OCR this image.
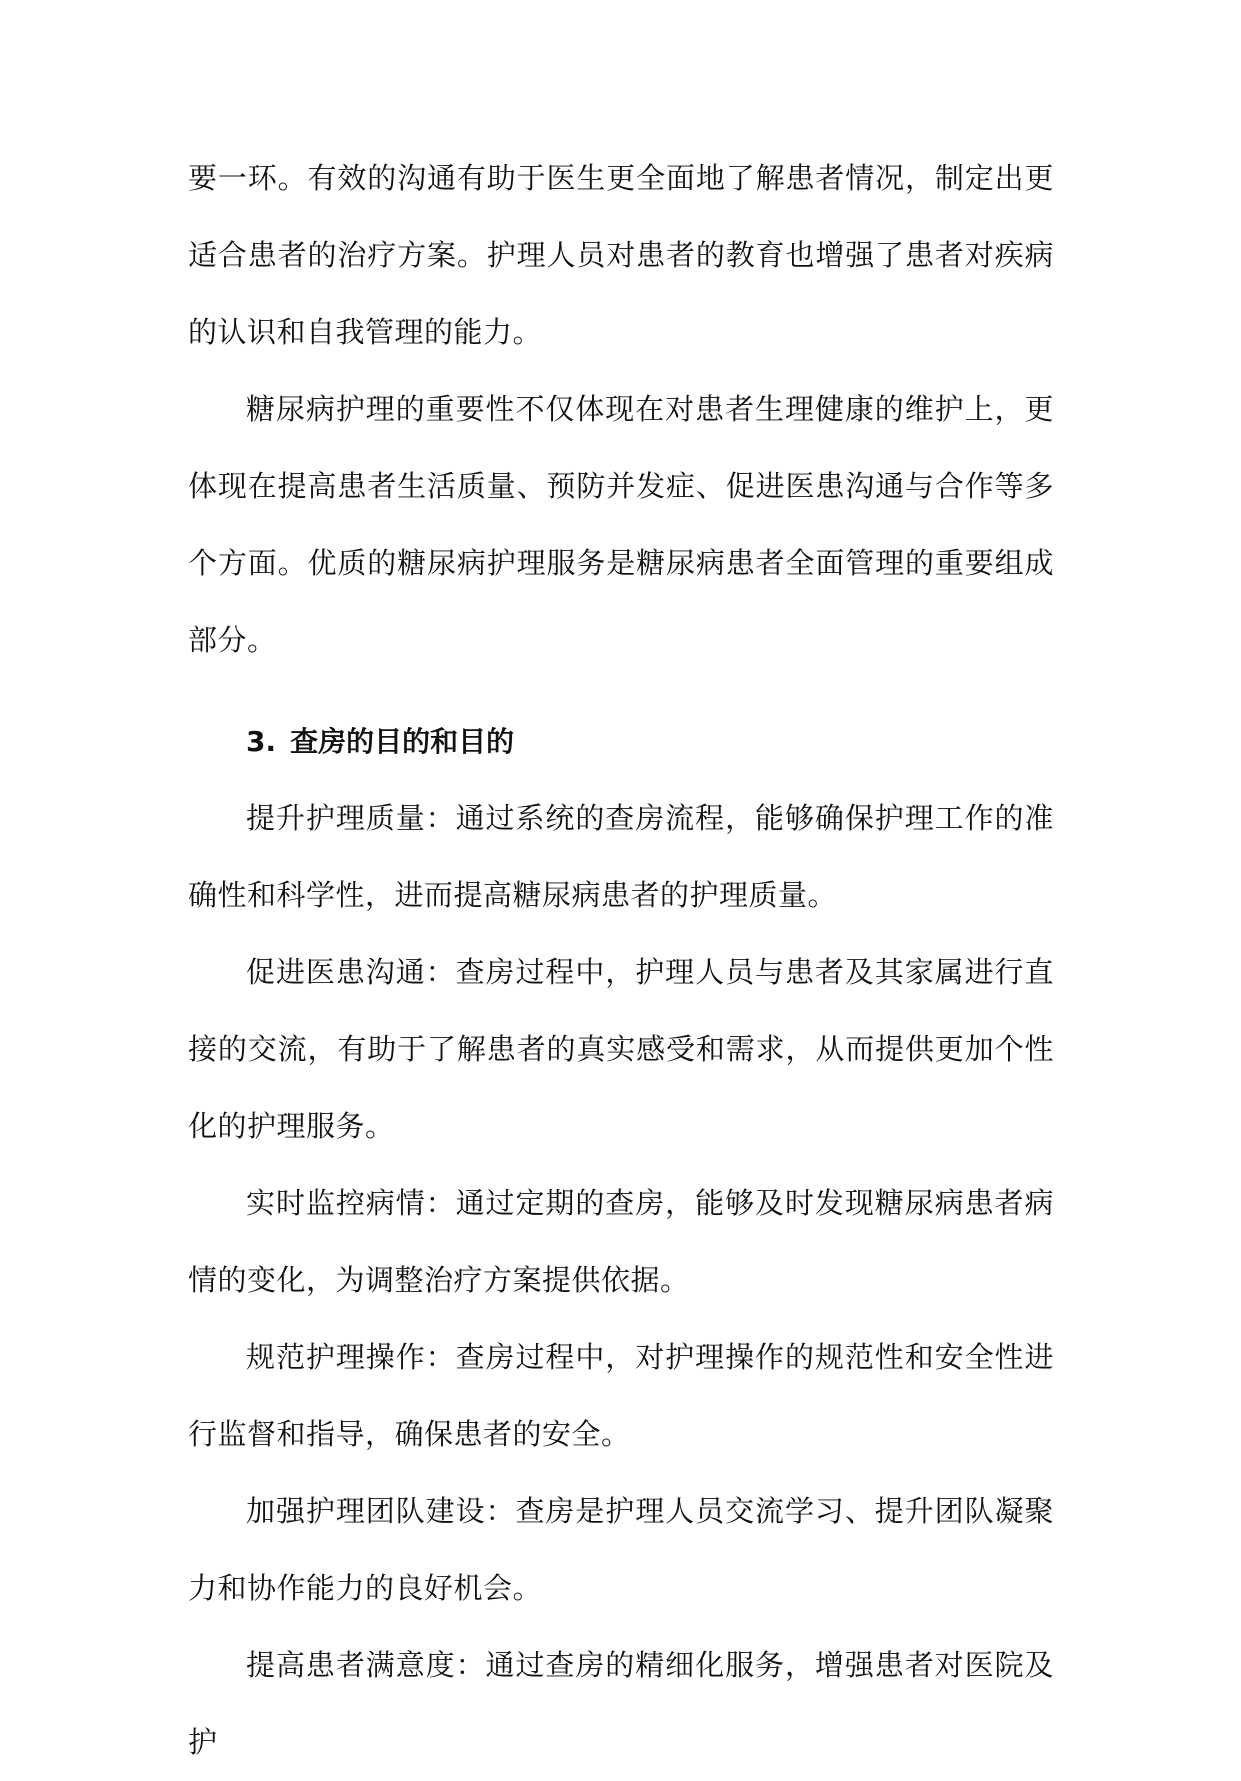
要一环。有效的沟通有助于医生更全面地了解患者情况，制定出更适合患者的治疗方案。护理人员对患者的教育也增强了患者对疾病的认识和自我管理的能力。

糖尿病护理的重要性不仅体现在对患者生理健康的维护上，更体现在提高患者生活质量、预防并发症、促进医患沟通与合作等多个方面。优质的糖尿病护理服务是糖尿病患者全面管理的重要组成部分。

3. 查房的目的和目的

提升护理质量：通过系统的查房流程，能够确保护理工作的准确性和科学性，进而提高糖尿病患者的护理质量。

促进医患沟通：查房过程中，护理人员与患者及其家属进行直接的交流，有助于了解患者的真实感受和需求，从而提供更加个性化的护理服务。

实时监控病情：通过定期的查房，能够及时发现糖尿病患者病情的变化，为调整治疗方案提供依据。

规范护理操作：查房过程中，对护理操作的规范性和安全性进行监督和指导，确保患者的安全。

加强护理团队建设：查房是护理人员交流学习、提升团队凝聚力和协作能力的良好机会。

提高患者满意度：通过查房的精细化服务，增强患者对医院及护
